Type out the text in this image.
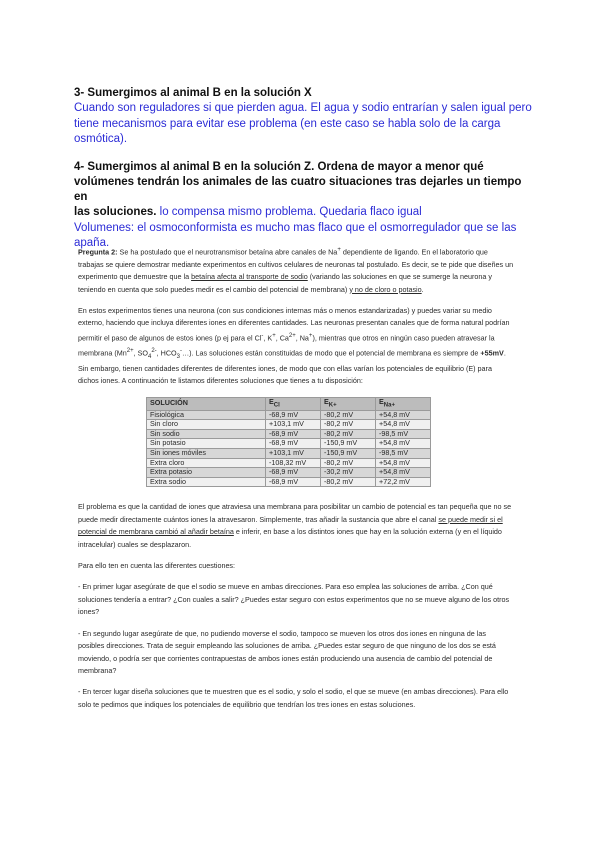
3- Sumergimos al animal B en la solución X

Cuando son reguladores si que pierden agua. El agua y sodio entrarían y salen igual pero

tiene mecanismos para evitar ese problema (en este caso se habla solo de la carga

osmótica).

4- Sumergimos al animal B en la solución Z. Ordena de mayor a menor qué

volúmenes tendrán los animales de las cuatro situaciones tras dejarles un tiempo en

las soluciones. lo compensa mismo problema. Quedaria flaco igual

Volumenes: el osmoconformista es mucho mas flaco que el osmorregulador que se las

apaña.

Pregunta 2: Se ha postulado que el neurotransmisor betaína abre canales de Na+ dependiente de ligando. En el laboratorio que trabajas se quiere demostrar mediante experimentos en cultivos celulares de neuronas tal postulado. Es decir, se te pide que diseñes un experimento que demuestre que la betaína afecta al transporte de sodio (variando las soluciones en que se sumerge la neurona y teniendo en cuenta que solo puedes medir es el cambio del potencial de membrana) y no de cloro o potasio.

En estos experimentos tienes una neurona (con sus condiciones internas más o menos estandarizadas) y puedes variar su medio externo, haciendo que incluya diferentes iones en diferentes cantidades. Las neuronas presentan canales que de forma natural podrían permitir el paso de algunos de estos iones (p ej para el Cl-, K+, $Ca^{2+}$, Na+), mientras que otros en ningún caso pueden atravesar la membrana ($Mn^{2+}$, $SO_4^{2-}$, $HCO_3^-\dots$). Las soluciones están constituidas de modo que el potencial de membrana es siempre de +55mV. Sin embargo, tienen cantidades diferentes de diferentes iones, de modo que con ellas varían los potenciales de equilibrio (E) para dichos iones. A continuación te listamos diferentes soluciones que tienes a tu disposición:

SOLUCIÓN	$E_{Cl}$	$E_{K+}$	$E_{Na+}$
Fisiológica	-68,9 mV	-80,2 mV	+54,8 mV
Sin cloro	+103,1 mV	-80,2 mV	+54,8 mV
Sin sodio	-68,9 mV	-80,2 mV	-98,5 mV
Sin potasio	-68,9 mV	-150,9 mV	+54,8 mV
Sin iones móviles	+103,1 mV	-150,9 mV	-98,5 mV
Extra cloro	-108,32 mV	-80,2 mV	+54,8 mV
Extra potasio	-68,9 mV	-30,2 mV	+54,8 mV
Extra sodio	-68,9 mV	-80,2 mV	+72,2 mV

El problema es que la cantidad de iones que atraviesa una membrana para posibilitar un cambio de potencial es tan pequeña que no se puede medir directamente cuántos iones la atravesaron. Simplemente, tras añadir la sustancia que abre el canal se puede medir si el potencial de membrana cambió al añadir betaína e inferir, en base a los distintos iones que hay en la solución externa (y en el líquido intracelular) cuales se desplazaron.

Para ello ten en cuenta las diferentes cuestiones:

- En primer lugar asegúrate de que el sodio se mueve en ambas direcciones. Para eso emplea las soluciones de arriba. ¿Con qué soluciones tendería a entrar? ¿Con cuales a salir? ¿Puedes estar seguro con estos experimentos que no se mueve alguno de los otros iones?

- En segundo lugar asegúrate de que, no pudiendo moverse el sodio, tampoco se mueven los otros dos iones en ninguna de las posibles direcciones. Trata de seguir empleando las soluciones de arriba. ¿Puedes estar seguro de que ninguno de los dos se está moviendo, o podría ser que corrientes contrapuestas de ambos iones están produciendo una ausencia de cambio del potencial de membrana?

- En tercer lugar diseña soluciones que te muestren que es el sodio, y solo el sodio, el que se mueve (en ambas direcciones). Para ello solo te pedimos que indiques los potenciales de equilibrio que tendrían los tres iones en estas soluciones.
